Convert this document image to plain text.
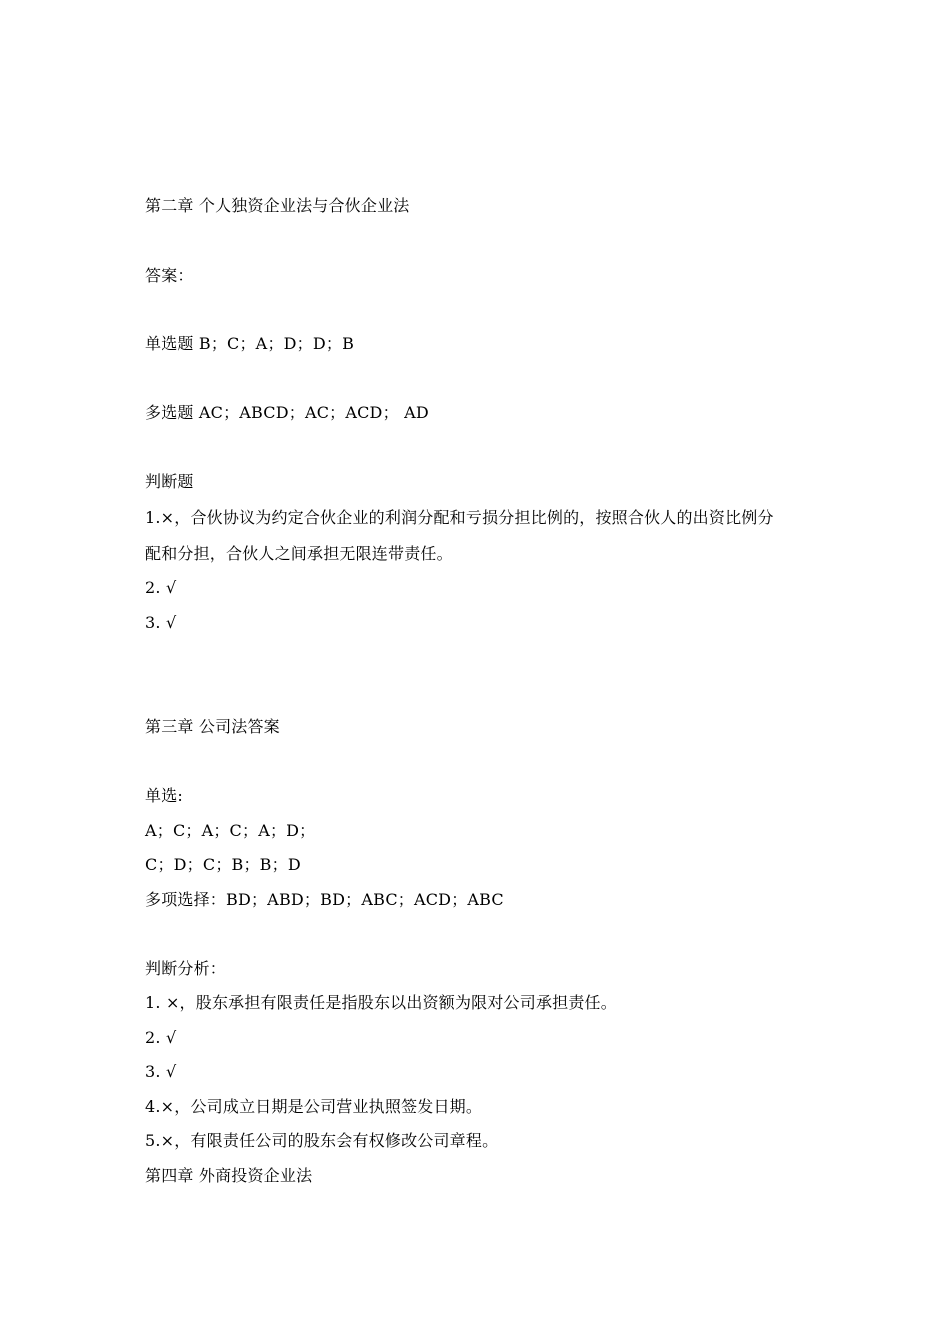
第二章 个人独资企业法与合伙企业法
答案：
单选题 B；C；A；D；D；B
多选题 AC；ABCD；AC；ACD； AD
判断题
1.×，合伙协议为约定合伙企业的利润分配和亏损分担比例的，按照合伙人的出资比例分
配和分担，合伙人之间承担无限连带责任。
2. √
3. √
第三章 公司法答案
单选:
A；C；A；C；A；D；
C；D；C；B；B；D
多项选择：BD；ABD；BD；ABC；ACD；ABC
判断分析：
1. ×，股东承担有限责任是指股东以出资额为限对公司承担责任。
2. √
3. √
4.×，公司成立日期是公司营业执照签发日期。
5.×，有限责任公司的股东会有权修改公司章程。
第四章 外商投资企业法
